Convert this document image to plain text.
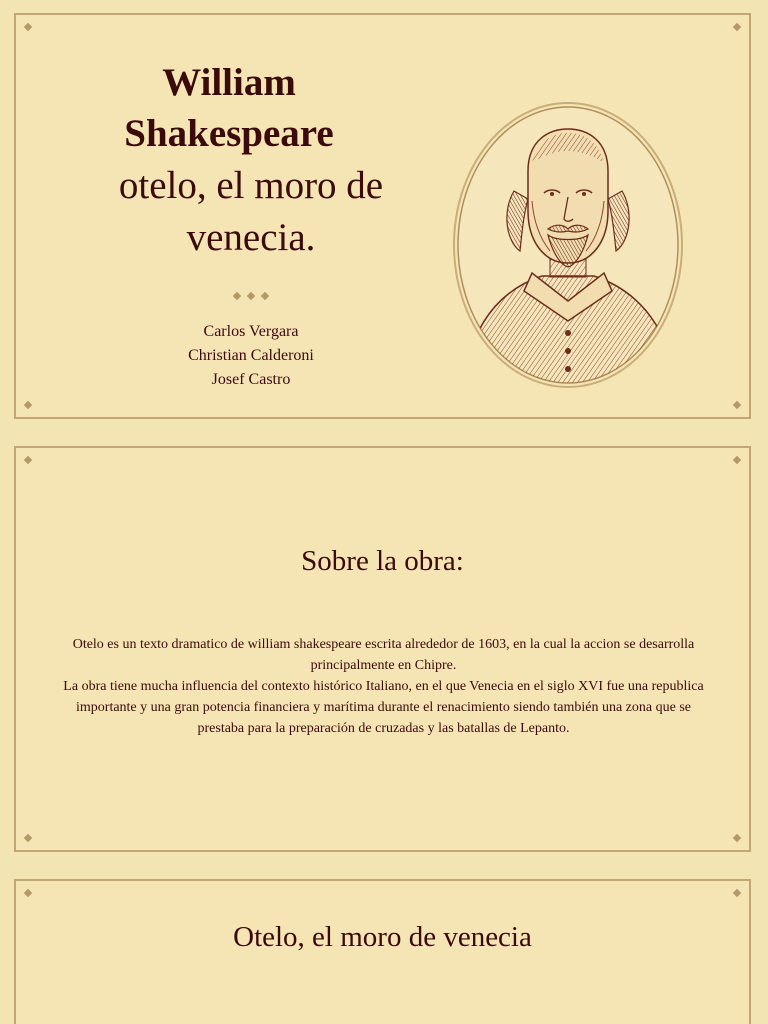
William
Shakespeare
otelo, el moro de
venecia.
Carlos Vergara
Christian Calderoni
Josef Castro
Sobre la obra:

Otelo es un texto dramatico de william shakespeare escrita alrededor de 1603, en la cual la accion se desarrolla principalmente en Chipre.

La obra tiene mucha influencia del contexto histórico Italiano, en el que Venecia en el siglo XVI fue una republica importante y una gran potencia financiera y marítima durante el renacimiento siendo también una zona que se prestaba para la preparación de cruzadas y las batallas de Lepanto.

Otelo, el moro de venecia
